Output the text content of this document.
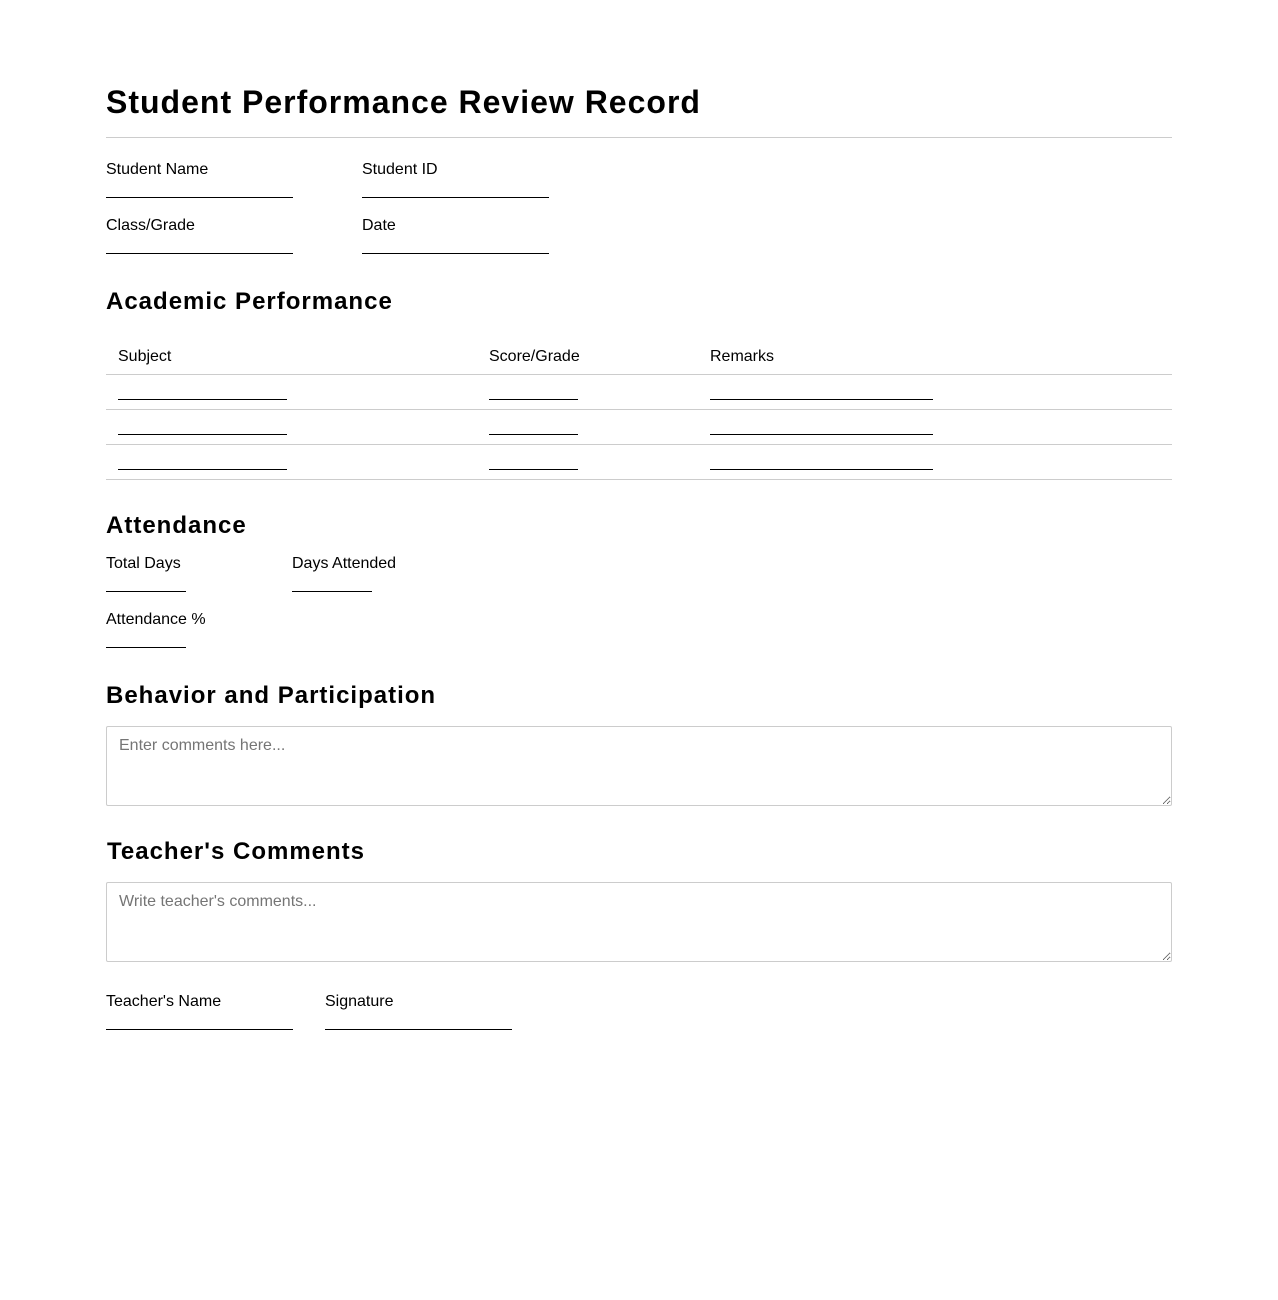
Student Performance Review Record
Student Name	Student ID
Class/Grade	Date
Academic Performance
Subject	Score/Grade	Remarks
Attendance
Total Days	Days Attended
Attendance %
Behavior and Participation
Enter comments here...
Teacher's Comments
Write teacher's comments...
Teacher's Name	Signature
